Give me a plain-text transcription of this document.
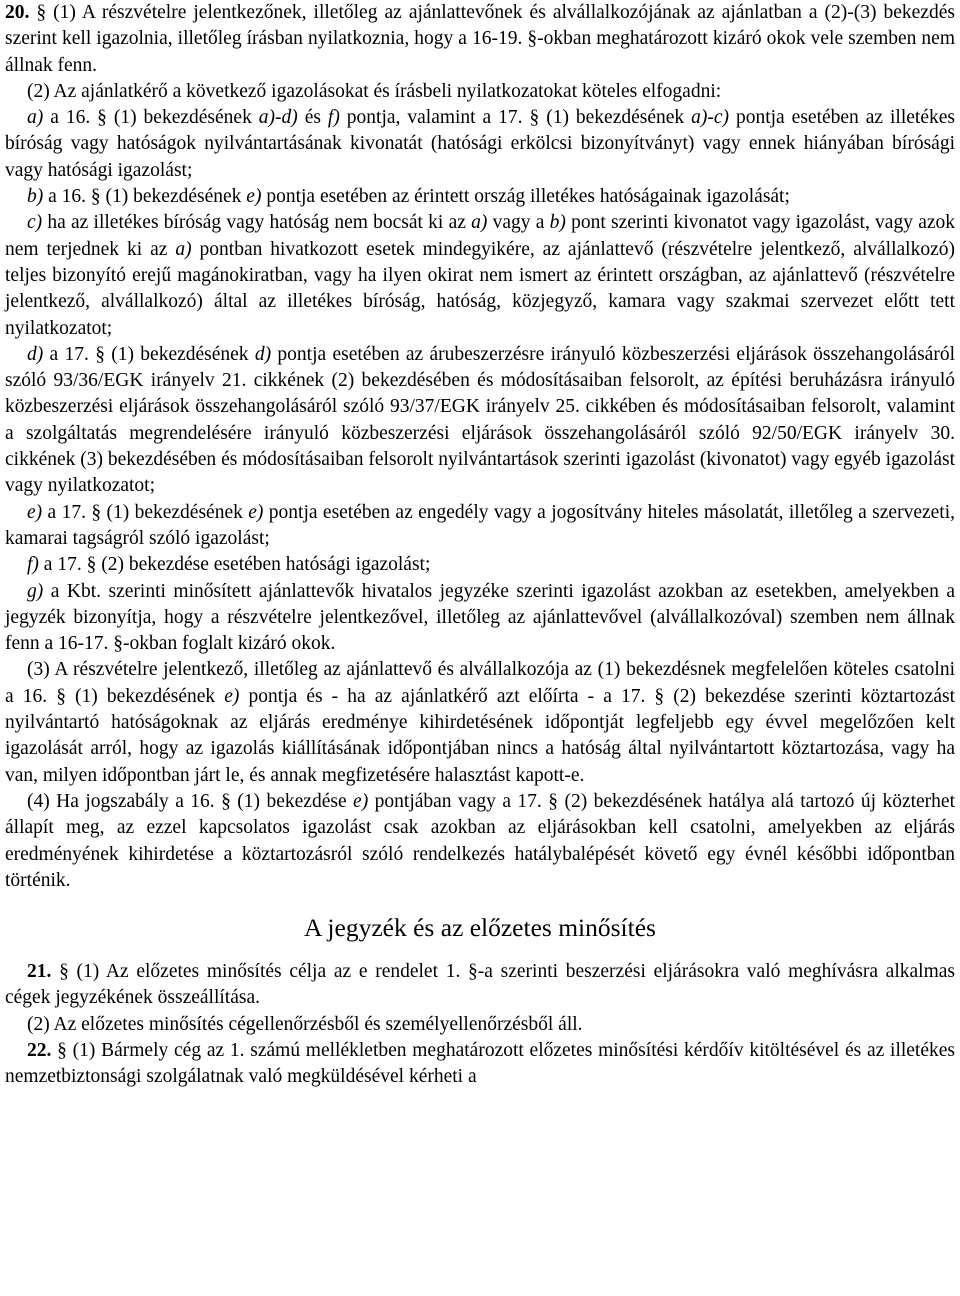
20. § (1) A részvételre jelentkezőnek, illetőleg az ajánlattevőnek és alvállalkozójának az ajánlatban a (2)-(3) bekezdés szerint kell igazolnia, illetőleg írásban nyilatkoznia, hogy a 16-19. §-okban meghatározott kizáró okok vele szemben nem állnak fenn.

(2) Az ajánlatkérő a következő igazolásokat és írásbeli nyilatkozatokat köteles elfogadni:

a) a 16. § (1) bekezdésének a)-d) és f) pontja, valamint a 17. § (1) bekezdésének a)-c) pontja esetében az illetékes bíróság vagy hatóságok nyilvántartásának kivonatát (hatósági erkölcsi bizonyítványt) vagy ennek hiányában bírósági vagy hatósági igazolást;

b) a 16. § (1) bekezdésének e) pontja esetében az érintett ország illetékes hatóságainak igazolását;

c) ha az illetékes bíróság vagy hatóság nem bocsát ki az a) vagy a b) pont szerinti kivonatot vagy igazolást, vagy azok nem terjednek ki az a) pontban hivatkozott esetek mindegyikére, az ajánlattevő (részvételre jelentkező, alvállalkozó) teljes bizonyító erejű magánokiratban, vagy ha ilyen okirat nem ismert az érintett országban, az ajánlattevő (részvételre jelentkező, alvállalkozó) által az illetékes bíróság, hatóság, közjegyző, kamara vagy szakmai szervezet előtt tett nyilatkozatot;

d) a 17. § (1) bekezdésének d) pontja esetében az árubeszerzésre irányuló közbeszerzési eljárások összehangolásáról szóló 93/36/EGK irányelv 21. cikkének (2) bekezdésében és módosításaiban felsorolt, az építési beruházásra irányuló közbeszerzési eljárások összehangolásáról szóló 93/37/EGK irányelv 25. cikkében és módosításaiban felsorolt, valamint a szolgáltatás megrendelésére irányuló közbeszerzési eljárások összehangolásáról szóló 92/50/EGK irányelv 30. cikkének (3) bekezdésében és módosításaiban felsorolt nyilvántartások szerinti igazolást (kivonatot) vagy egyéb igazolást vagy nyilatkozatot;

e) a 17. § (1) bekezdésének e) pontja esetében az engedély vagy a jogosítvány hiteles másolatát, illetőleg a szervezeti, kamarai tagságról szóló igazolást;

f) a 17. § (2) bekezdése esetében hatósági igazolást;

g) a Kbt. szerinti minősített ajánlattevők hivatalos jegyzéke szerinti igazolást azokban az esetekben, amelyekben a jegyzék bizonyítja, hogy a részvételre jelentkezővel, illetőleg az ajánlattevővel (alvállalkozóval) szemben nem állnak fenn a 16-17. §-okban foglalt kizáró okok.

(3) A részvételre jelentkező, illetőleg az ajánlattevő és alvállalkozója az (1) bekezdésnek megfelelően köteles csatolni a 16. § (1) bekezdésének e) pontja és - ha az ajánlatkérő azt előírta - a 17. § (2) bekezdése szerinti köztartozást nyilvántartó hatóságoknak az eljárás eredménye kihirdetésének időpontját legfeljebb egy évvel megelőzően kelt igazolását arról, hogy az igazolás kiállításának időpontjában nincs a hatóság által nyilvántartott köztartozása, vagy ha van, milyen időpontban járt le, és annak megfizetésére halasztást kapott-e.

(4) Ha jogszabály a 16. § (1) bekezdése e) pontjában vagy a 17. § (2) bekezdésének hatálya alá tartozó új közterhet állapít meg, az ezzel kapcsolatos igazolást csak azokban az eljárásokban kell csatolni, amelyekben az eljárás eredményének kihirdetése a köztartozásról szóló rendelkezés hatálybalépését követő egy évnél későbbi időpontban történik.

A jegyzék és az előzetes minősítés

21. § (1) Az előzetes minősítés célja az e rendelet 1. §-a szerinti beszerzési eljárásokra való meghívásra alkalmas cégek jegyzékének összeállítása.

(2) Az előzetes minősítés cégellenőrzésből és személyellenőrzésből áll.

22. § (1) Bármely cég az 1. számú mellékletben meghatározott előzetes minősítési kérdőív kitöltésével és az illetékes nemzetbiztonsági szolgálatnak való megküldésével kérheti a
